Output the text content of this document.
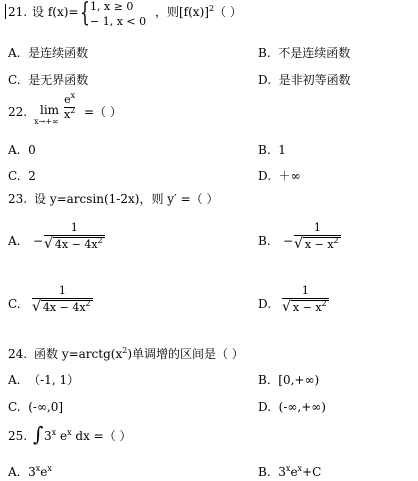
21. 设 f(x)= { 1, x ≥ 0
− 1, x < 0
，则$[f(x)]^2$（ ）
A. 是连续函数	B. 不是连续函数
C. 是无界函数	D. 是非初等函数
22. lim
x→+∞
$e^x$
$x^2$ =（ ）
A. 0	B. 1
C. 2	D. ＋∞
23. 设 y=arcsin(1-2x)，则 y′ =（ ）
A. −
1
√ $4x - 4x^2$	B. −
1
√ $x - x^2$
C.
1
√ $4x - 4x^2$	D.
1
√ $x - x^2$
24. 函数 $y=arctg(x^2)$单调增的区间是（ ）
A. （-1, 1）	B. [0,+∞)
C. (-∞,0]	D. (-∞,+∞)
25. ∫ 3$^x$ $e^x$ dx =（ ）
A. $3^xe^x$	B. $3^xe^x+C$
